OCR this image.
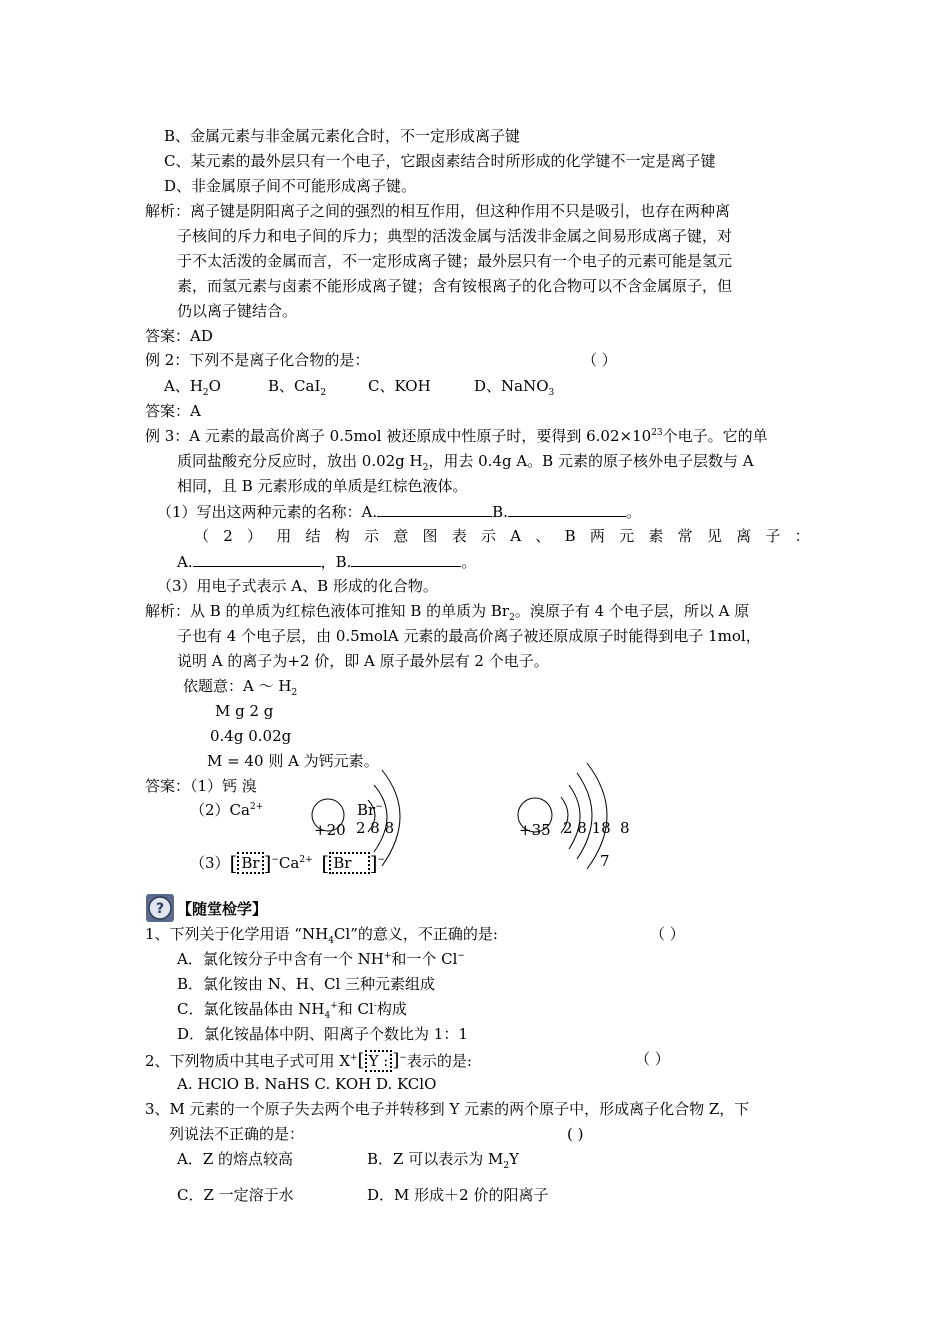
B、金属元素与非金属元素化合时，不一定形成离子键
C、某元素的最外层只有一个电子，它跟卤素结合时所形成的化学键不一定是离子键
D、非金属原子间不可能形成离子键。
解析：离子键是阴阳离子之间的强烈的相互作用，但这种作用不只是吸引，也存在两种离
子核间的斥力和电子间的斥力；典型的活泼金属与活泼非金属之间易形成离子键，对
于不太活泼的金属而言，不一定形成离子键；最外层只有一个电子的元素可能是氢元
素，而氢元素与卤素不能形成离子键；含有铵根离子的化合物可以不含金属原子，但
仍以离子键结合。
答案：AD
例 2：下列不是离子化合物的是：	（ ）
A、$H_2O$	B、CaI$_2$	C、KOH	D、NaNO$_3$
答案：A
例 3：A 元素的最高价离子 0.5mol 被还原成中性原子时，要得到 $6.02\times 10^{23}$个电子。它的单
质同盐酸充分反应时，放出 0.02g $H_2$，用去 0.4g A。B 元素的原子核外电子层数与 A
相同，且 B 元素形成的单质是红棕色液体。
（1）写出这两种元素的名称：A.	B.	。
（2）用结构示意图表示A、B两元素常见离子：
A.	，B.	。
（3）用电子式表示 A、B 形成的化合物。
解析：从 B 的单质为红棕色液体可推知 B 的单质为 $Br_2$。溴原子有 4 个电子层，所以 A 原
子也有 4 个电子层，由 0.5molA 元素的最高价离子被还原成原子时能得到电子 1mol，
说明 A 的离子为+2 价，即 A 原子最外层有 2 个电子。
依题意：A ～ $H_2$
M g 2 g
0.4g 0.02g
M = 40 则 A 为钙元素。
答案：（1）钙 溴
$(2)Ca^{2+}$	Br−
+20 2 8 8	+35 2 8 18 8
7
（3）[ Br ]$^-Ca^{2+}$ [ Br ]−
? 【随堂检学】
1、下列关于化学用语 “$NH_4Cl$”的意义，不正确的是:	（ ）
A．氯化铵分子中含有一个 NH+和一个 Cl−
B．氯化铵由 N、H、Cl 三种元素组成
C．氯化铵晶体由 $NH_4^+$和 Cl-构成
D．氯化铵晶体中阴、阳离子个数比为 1：1
2、下列物质中其电子式可用 X+[ Y : ]−表示的是:	（ ）
A. HClO B. NaHS C. KOH D. KClO
3、M 元素的一个原子失去两个电子并转移到 Y 元素的两个原子中，形成离子化合物 Z，下
列说法不正确的是：	( )
A．Z 的熔点较高	B．Z 可以表示为 $M_2Y$
C．Z 一定溶于水	D．M 形成＋2 价的阳离子
